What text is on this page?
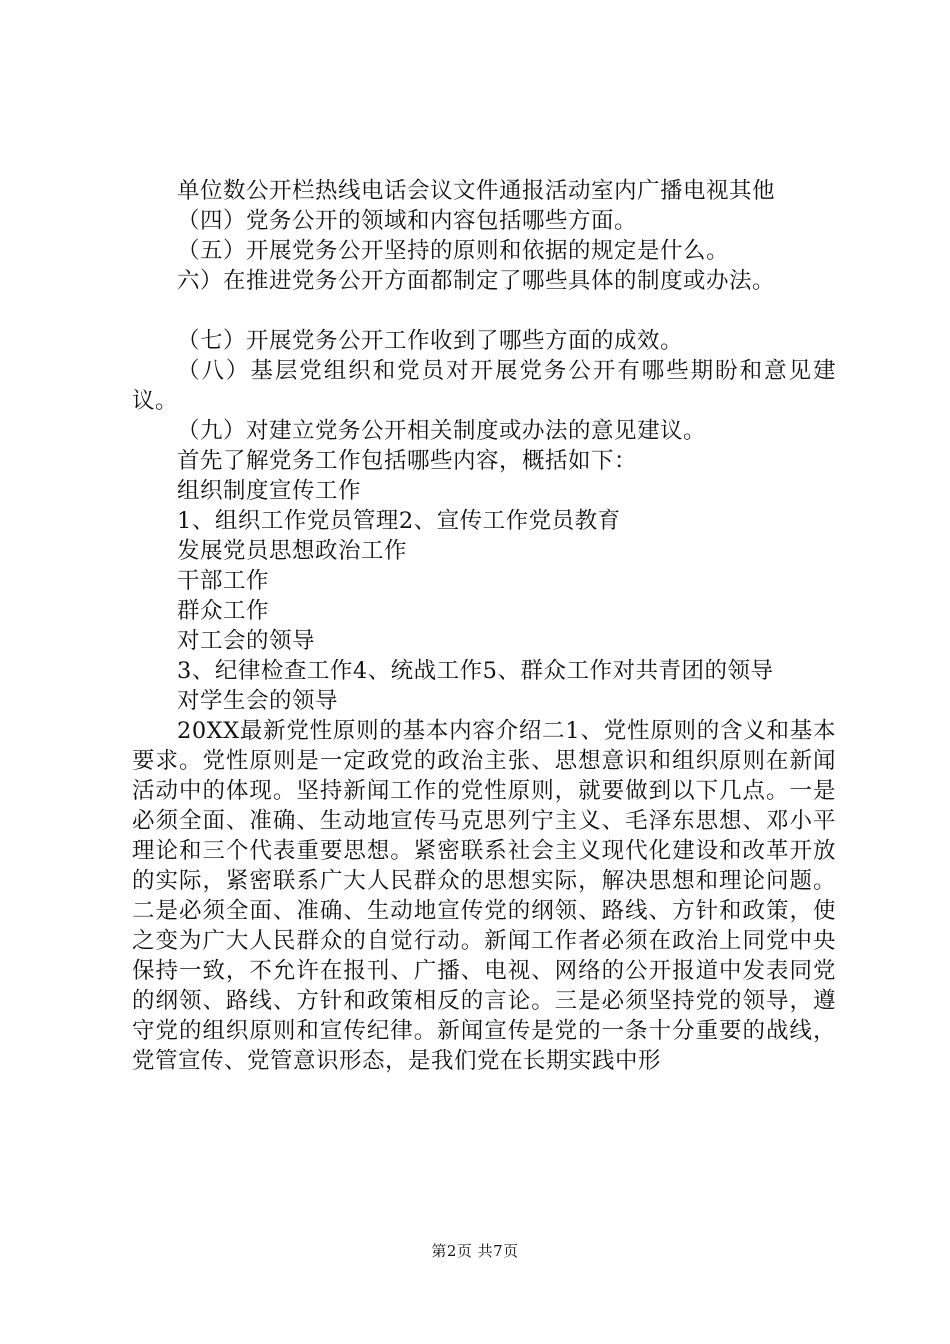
单位数公开栏热线电话会议文件通报活动室内广播电视其他

（四）党务公开的领域和内容包括哪些方面。

（五）开展党务公开坚持的原则和依据的规定是什么。

六）在推进党务公开方面都制定了哪些具体的制度或办法。

（七）开展党务公开工作收到了哪些方面的成效。

（八）基层党组织和党员对开展党务公开有哪些期盼和意见建议。

（九）对建立党务公开相关制度或办法的意见建议。

首先了解党务工作包括哪些内容，概括如下：

组织制度宣传工作

1、组织工作党员管理2、宣传工作党员教育

发展党员思想政治工作

干部工作

群众工作

对工会的领导

3、纪律检查工作4、统战工作5、群众工作对共青团的领导

对学生会的领导

20XX最新党性原则的基本内容介绍二1、党性原则的含义和基本要求。党性原则是一定政党的政治主张、思想意识和组织原则在新闻活动中的体现。坚持新闻工作的党性原则，就要做到以下几点。一是必须全面、准确、生动地宣传马克思列宁主义、毛泽东思想、邓小平理论和三个代表重要思想。紧密联系社会主义现代化建设和改革开放的实际，紧密联系广大人民群众的思想实际，解决思想和理论问题。二是必须全面、准确、生动地宣传党的纲领、路线、方针和政策，使之变为广大人民群众的自觉行动。新闻工作者必须在政治上同党中央保持一致，不允许在报刊、广播、电视、网络的公开报道中发表同党的纲领、路线、方针和政策相反的言论。三是必须坚持党的领导，遵守党的组织原则和宣传纪律。新闻宣传是党的一条十分重要的战线，党管宣传、党管意识形态，是我们党在长期实践中形

第2页 共7页
